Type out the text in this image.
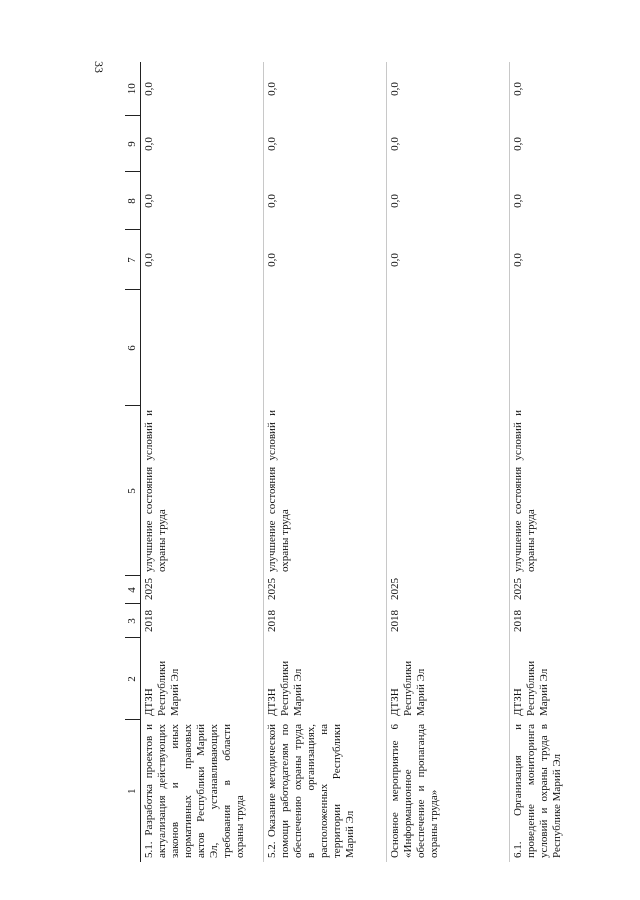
33
1	2	3	4	5	6	7	8	9	10
5.1. Разработка проектов и актуализация действующих законов и иных нормативных правовых актов Республики Марий Эл, устанавливающих требования в области охраны труда	ДТЗН Республики Марий Эл	2018	2025	улучшение состояния условий и охраны труда		0,0	0,0	0,0	0,0
5.2. Оказание методической помощи работодателям по обеспечению охраны труда в организациях, расположенных на территории Республики Марий Эл	ДТЗН Республики Марий Эл	2018	2025	улучшение состояния условий и охраны труда		0,0	0,0	0,0	0,0
Основное мероприятие 6 «Информационное обеспечение и пропаганда охраны труда»	ДТЗН Республики Марий Эл	2018	2025			0,0	0,0	0,0	0,0
6.1. Организация и проведение мониторинга условий и охраны труда в Республике Марий Эл	ДТЗН Республики Марий Эл	2018	2025	улучшение состояния условий и охраны труда		0,0	0,0	0,0	0,0
